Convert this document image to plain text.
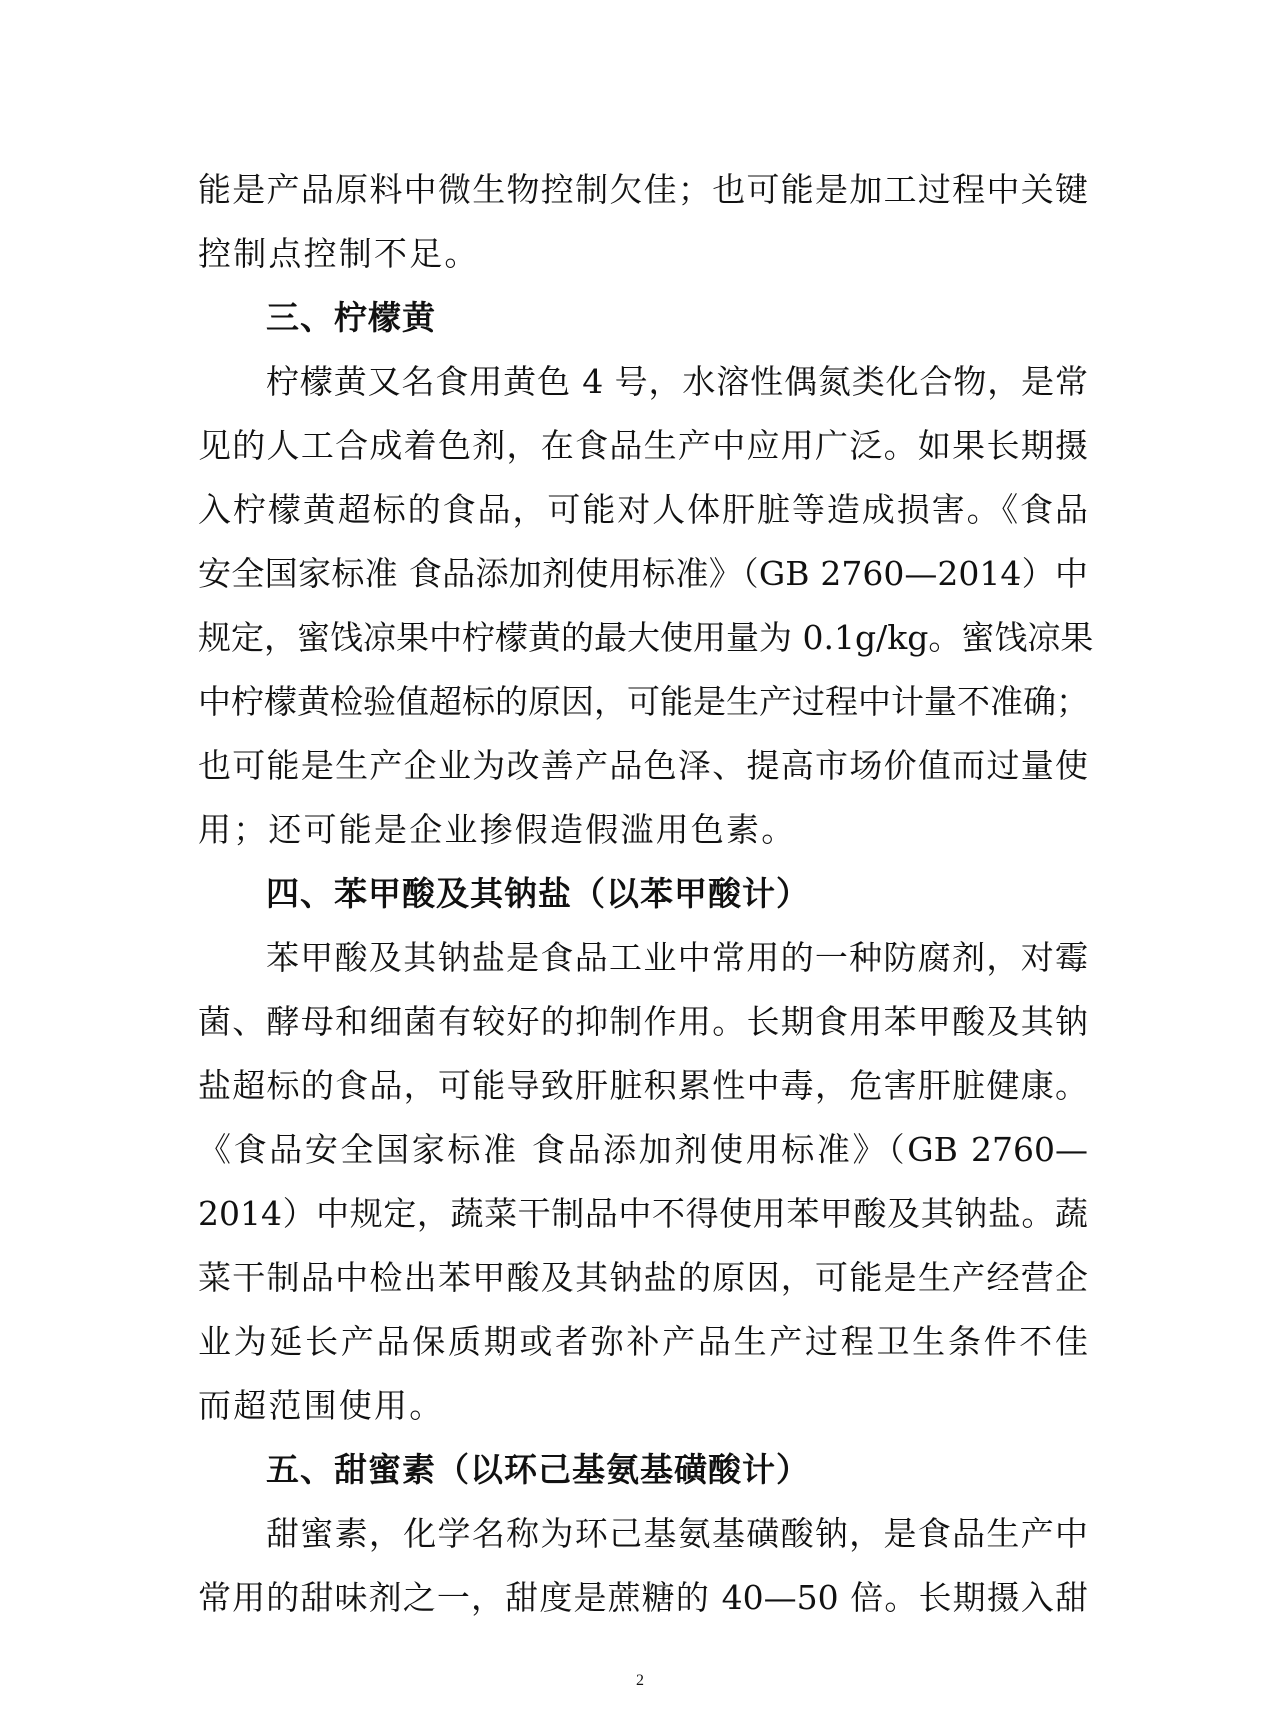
能是产品原料中微生物控制欠佳；也可能是加工过程中关键
控制点控制不足。
三、柠檬黄
柠檬黄又名食用黄色 4 号，水溶性偶氮类化合物，是常
见的人工合成着色剂，在食品生产中应用广泛。如果长期摄
入柠檬黄超标的食品，可能对人体肝脏等造成损害。《食品
安全国家标准 食品添加剂使用标准》（GB 2760—2014）中
规定，蜜饯凉果中柠檬黄的最大使用量为 0.1g/kg。蜜饯凉果
中柠檬黄检验值超标的原因，可能是生产过程中计量不准确；
也可能是生产企业为改善产品色泽、提高市场价值而过量使
用；还可能是企业掺假造假滥用色素。
四、苯甲酸及其钠盐（以苯甲酸计）
苯甲酸及其钠盐是食品工业中常用的一种防腐剂，对霉
菌、酵母和细菌有较好的抑制作用。长期食用苯甲酸及其钠
盐超标的食品，可能导致肝脏积累性中毒，危害肝脏健康。
《食品安全国家标准 食品添加剂使用标准》（GB 2760—
2014）中规定，蔬菜干制品中不得使用苯甲酸及其钠盐。蔬
菜干制品中检出苯甲酸及其钠盐的原因，可能是生产经营企
业为延长产品保质期或者弥补产品生产过程卫生条件不佳
而超范围使用。
五、甜蜜素（以环己基氨基磺酸计）
甜蜜素，化学名称为环己基氨基磺酸钠，是食品生产中
常用的甜味剂之一，甜度是蔗糖的 40—50 倍。长期摄入甜
2
